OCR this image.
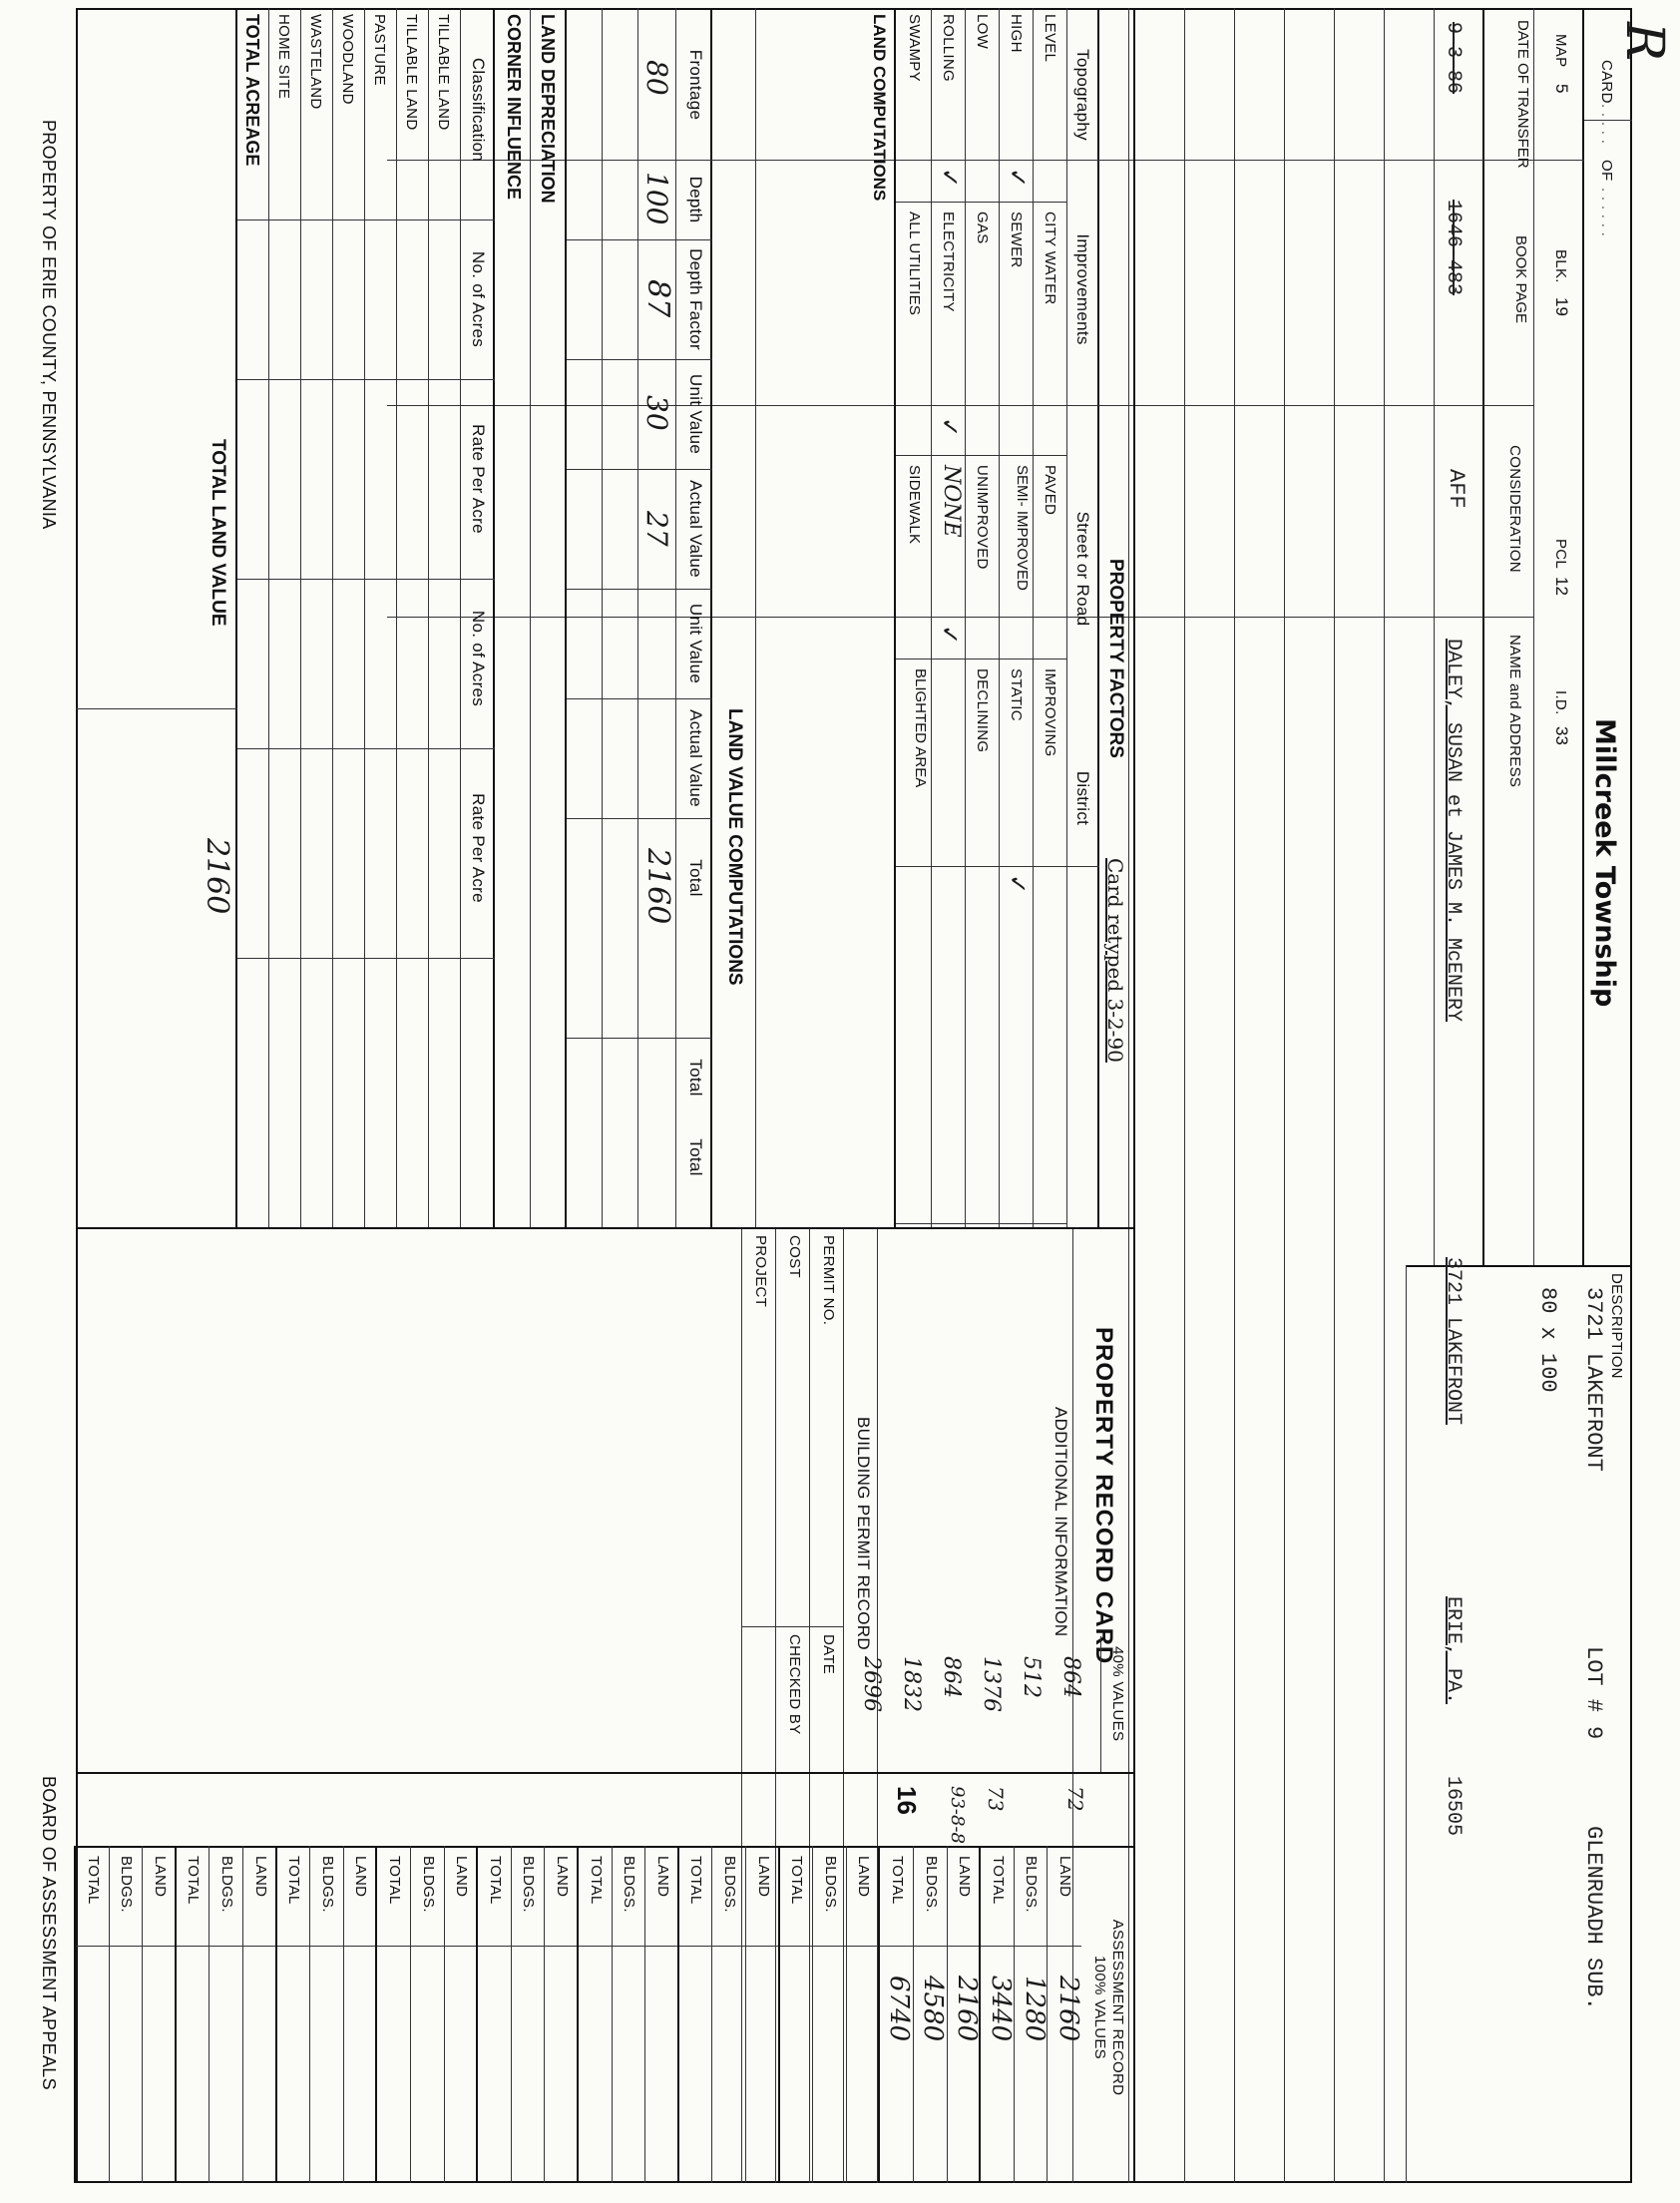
R
CARD
. . . . .
OF
. . . . . .
Millcreek Township
DESCRIPTION
3721 LAKEFRONT
LOT #
9
GLENRUADH SUB.
80 x 100
MAP
5
BLK.
19
PCL
12
I.D.
33
DATE OF TRANSFER
BOOK PAGE
CONSIDERATION
NAME and ADDRESS
9-3-86
1646-483
AFF
DALEY, SUSAN et JAMES M. McENERY
3721 LAKEFRONT
ERIE, PA.
16505
PROPERTY RECORD CARD
ADDITIONAL INFORMATION
BUILDING PERMIT RECORD
PERMIT NO.
COST
PROJECT
DATE
CHECKED BY
PROPERTY FACTORS
Card retyped 3-2-90
Topography
Improvements
Street or Road
District
LEVEL
HIGH
LOW
ROLLING
SWAMPY
✓
✓
CITY WATER
SEWER
GAS
ELECTRICITY
ALL UTILITIES
✓
PAVED
SEMI- IMPROVED
UNIMPROVED
NONE
SIDEWALK
✓
IMPROVING
STATIC
DECLINING
BLIGHTED AREA
✓
LAND COMPUTATIONS
LAND VALUE COMPUTATIONS
Frontage
Depth
Depth Factor
Unit Value
Actual Value
Unit Value
Actual Value
Total
Total
Total
80
100
87
30
27
2160
LAND DEPRECIATION
CORNER INFLUENCE
Classification
No. of Acres
Rate Per Acre
No. of Acres
Rate Per Acre
TILLABLE LAND
TILLABLE LAND
PASTURE
WOODLAND
WASTELAND
HOME SITE
TOTAL ACREAGE
TOTAL LAND VALUE
2160
40% VALUES
864
512
1376
864
1832
2696
72
73
93-8-8
16
ASSESSMENT RECORD
100% VALUES
LAND
BLDGS.
TOTAL
LAND
BLDGS.
TOTAL
LAND
BLDGS.
TOTAL
LAND
BLDGS.
TOTAL
LAND
BLDGS.
TOTAL
LAND
BLDGS.
TOTAL
LAND
BLDGS.
TOTAL
LAND
BLDGS.
TOTAL
LAND
BLDGS.
TOTAL
LAND
BLDGS.
TOTAL
2160
1280
3440
2160
4580
6740
PROPERTY OF ERIE COUNTY, PENNSYLVANIA
BOARD OF ASSESSMENT APPEALS
